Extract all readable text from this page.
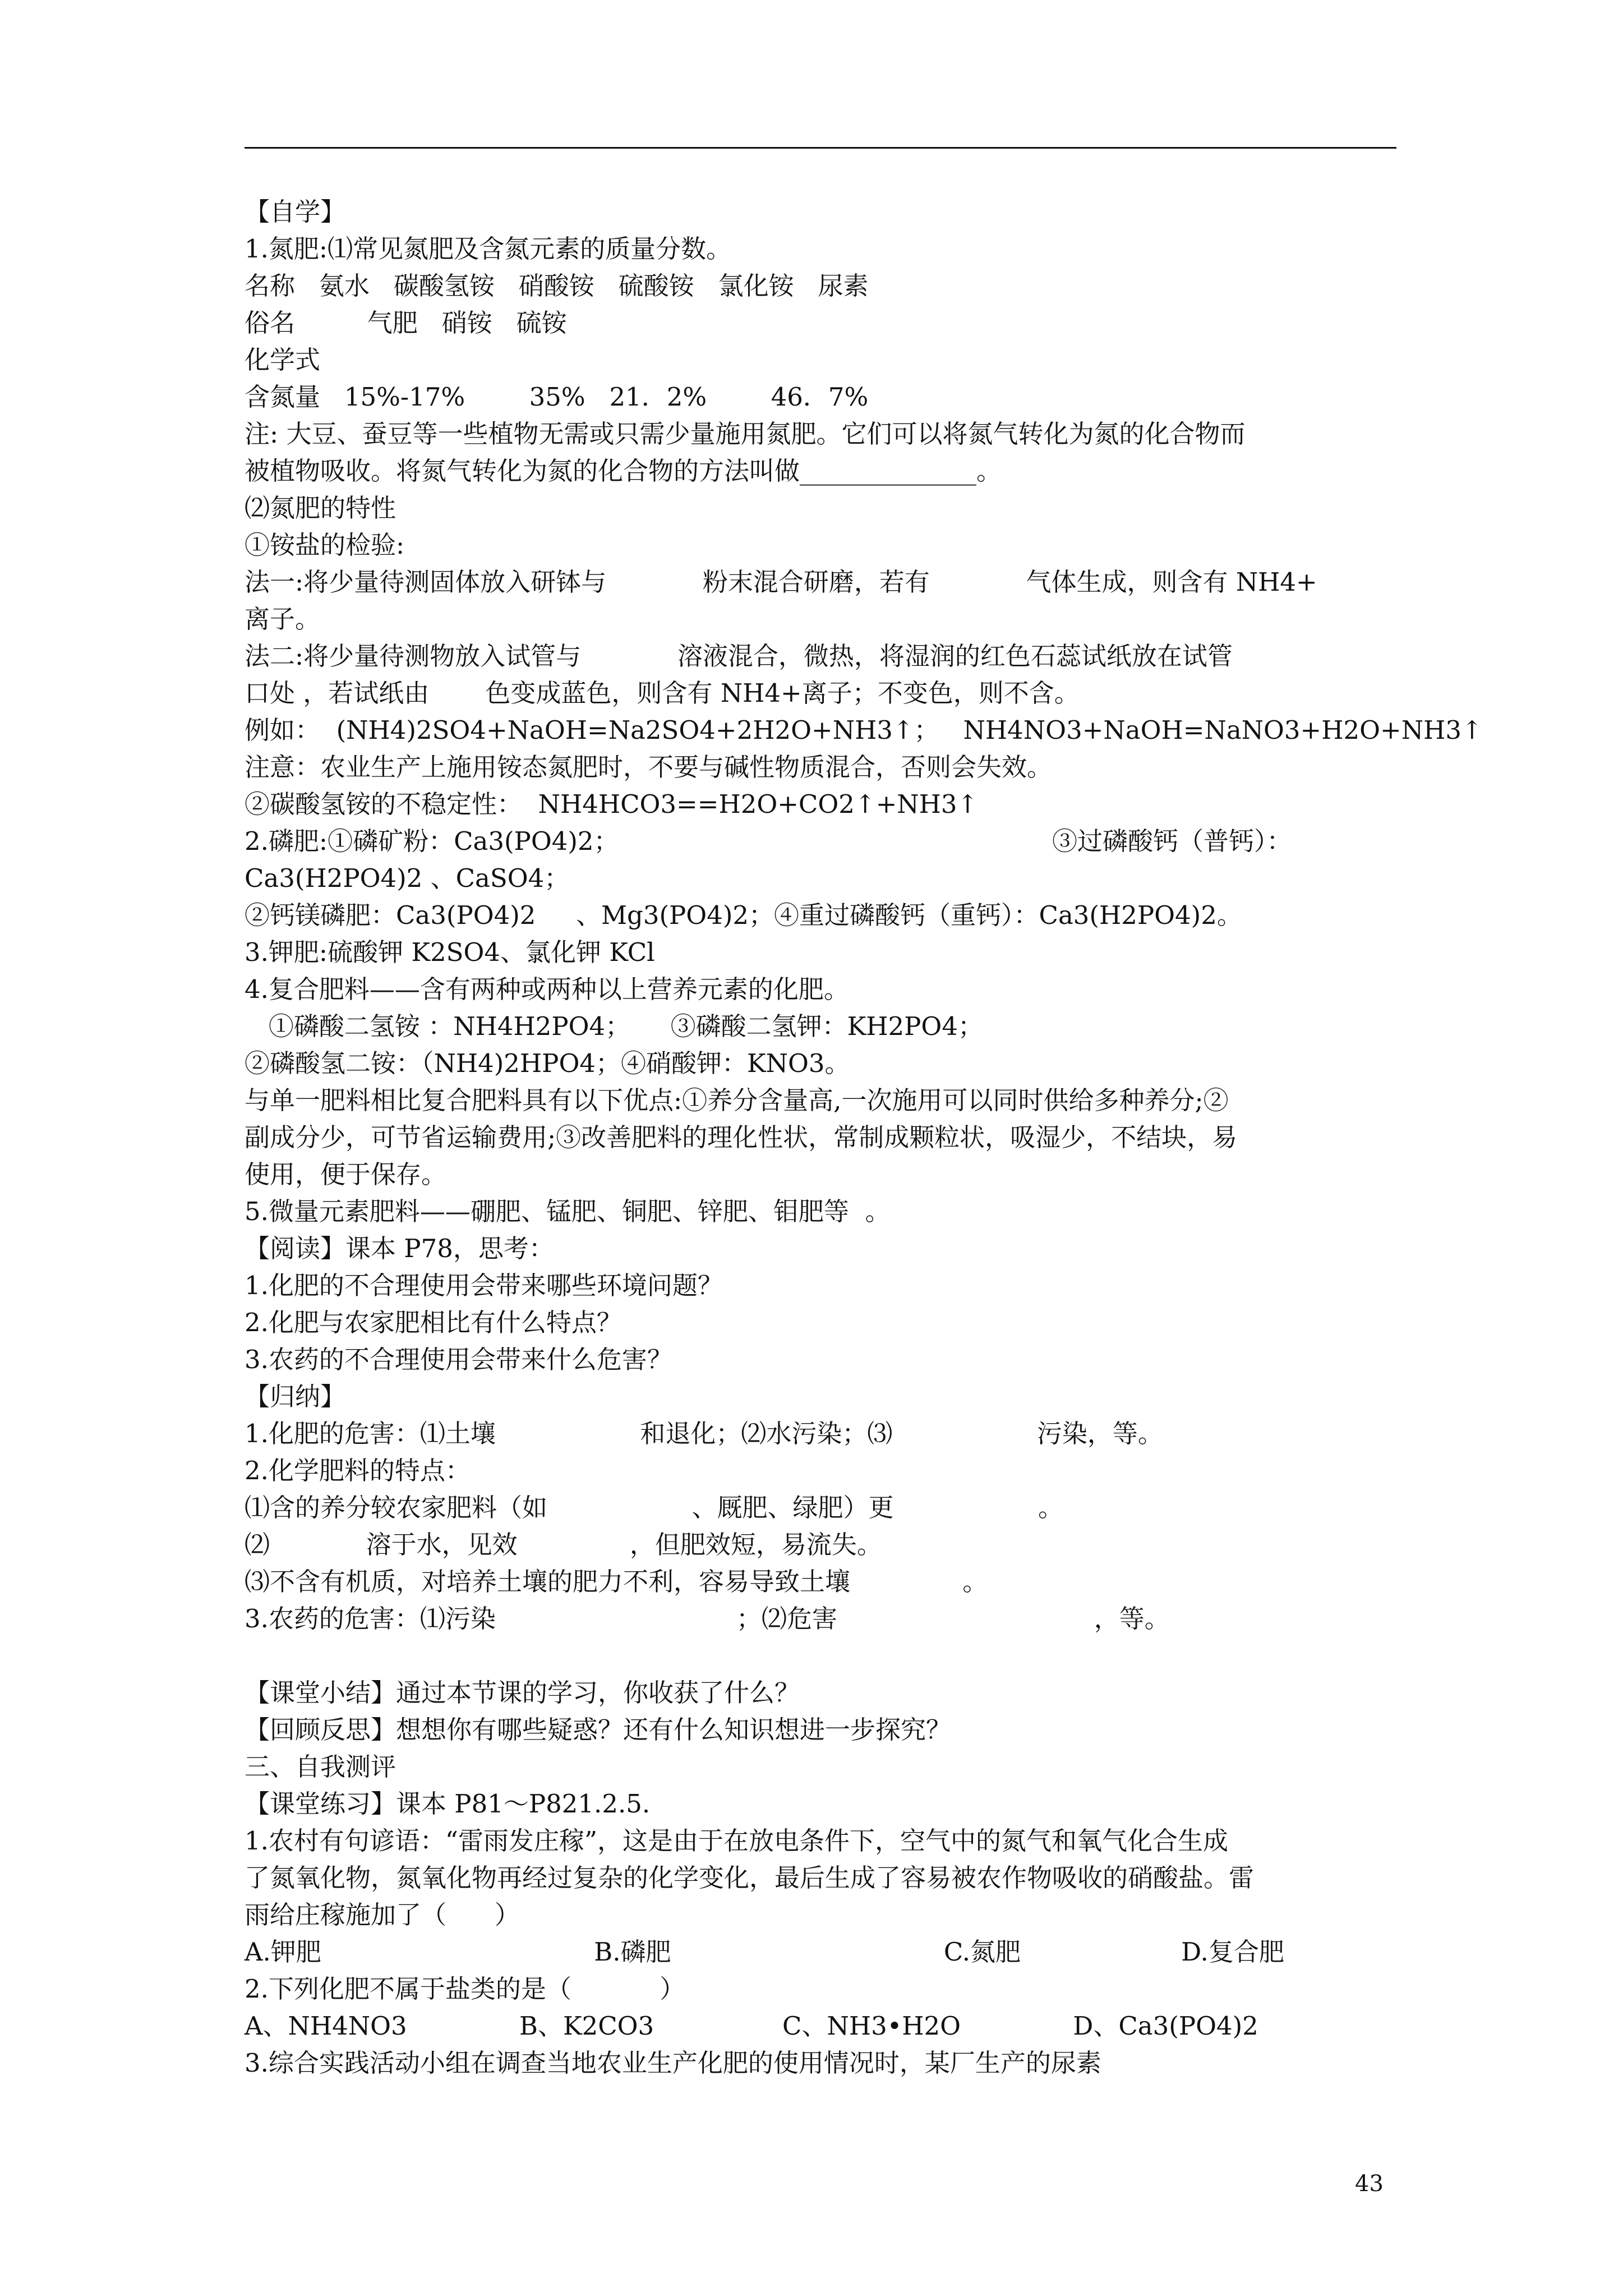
【自学】
1.氮肥:⑴常见氮肥及含氮元素的质量分数。
名称   氨水   碳酸氢铵   硝酸铵   硫酸铵   氯化铵   尿素
俗名         气肥   硝铵   硫铵
化学式
含氮量   15%-17%        35%   21．2%        46．7%
注: 大豆、蚕豆等一些植物无需或只需少量施用氮肥。它们可以将氮气转化为氮的化合物而
被植物吸收。将氮气转化为氮的化合物的方法叫做______________。
⑵氮肥的特性
①铵盐的检验:
法一:将少量待测固体放入研钵与            粉末混合研磨，若有            气体生成，则含有 NH4+
离子。
法二:将少量待测物放入试管与            溶液混合，微热，将湿润的红色石蕊试纸放在试管
口处 ，若试纸由       色变成蓝色，则含有 NH4+离子；不变色，则不含。
例如：  (NH4)2SO4+NaOH=Na2SO4+2H2O+NH3↑；   NH4NO3+NaOH=NaNO3+H2O+NH3↑
注意：农业生产上施用铵态氮肥时，不要与碱性物质混合，否则会失效。
②碳酸氢铵的不稳定性：  NH4HCO3==H2O+CO2↑+NH3↑
2.磷肥:①磷矿粉：Ca3(PO4)2；                                                      ③过磷酸钙（普钙）：
Ca3(H2PO4)2 、CaSO4；
②钙镁磷肥：Ca3(PO4)2     、Mg3(PO4)2；④重过磷酸钙（重钙）：Ca3(H2PO4)2。
3.钾肥:硫酸钾 K2SO4、氯化钾 KCl
4.复合肥料——含有两种或两种以上营养元素的化肥。
①磷酸二氢铵 ：NH4H2PO4；     ③磷酸二氢钾：KH2PO4；
②磷酸氢二铵：（NH4)2HPO4；④硝酸钾：KNO3。
与单一肥料相比复合肥料具有以下优点:①养分含量高,一次施用可以同时供给多种养分;②
副成分少，可节省运输费用;③改善肥料的理化性状，常制成颗粒状，吸湿少，不结块，易
使用，便于保存。
5.微量元素肥料——硼肥、锰肥、铜肥、锌肥、钼肥等  。
【阅读】课本 P78，思考：
1.化肥的不合理使用会带来哪些环境问题？
2.化肥与农家肥相比有什么特点？
3.农药的不合理使用会带来什么危害？
【归纳】
1.化肥的危害：⑴土壤                  和退化；⑵水污染；⑶                  污染，等。
2.化学肥料的特点：
⑴含的养分较农家肥料（如                  、厩肥、绿肥）更                  。
⑵            溶于水，见效              ，但肥效短，易流失。
⑶不含有机质，对培养土壤的肥力不利，容易导致土壤              。
3.农药的危害：⑴污染                              ；⑵危害                                ，等。
【课堂小结】通过本节课的学习，你收获了什么？
【回顾反思】想想你有哪些疑惑？还有什么知识想进一步探究？
三、自我测评
【课堂练习】课本 P81～P821.2.5.
1.农村有句谚语：“雷雨发庄稼”，这是由于在放电条件下，空气中的氮气和氧气化合生成
了氮氧化物，氮氧化物再经过复杂的化学变化，最后生成了容易被农作物吸收的硝酸盐。雷
雨给庄稼施加了（      ）
A.钾肥                                  B.磷肥                                  C.氮肥                    D.复合肥
2.下列化肥不属于盐类的是（           ）
A、NH4NO3              B、K2CO3                C、NH3•H2O              D、Ca3(PO4)2
3.综合实践活动小组在调查当地农业生产化肥的使用情况时，某厂生产的尿素
43
